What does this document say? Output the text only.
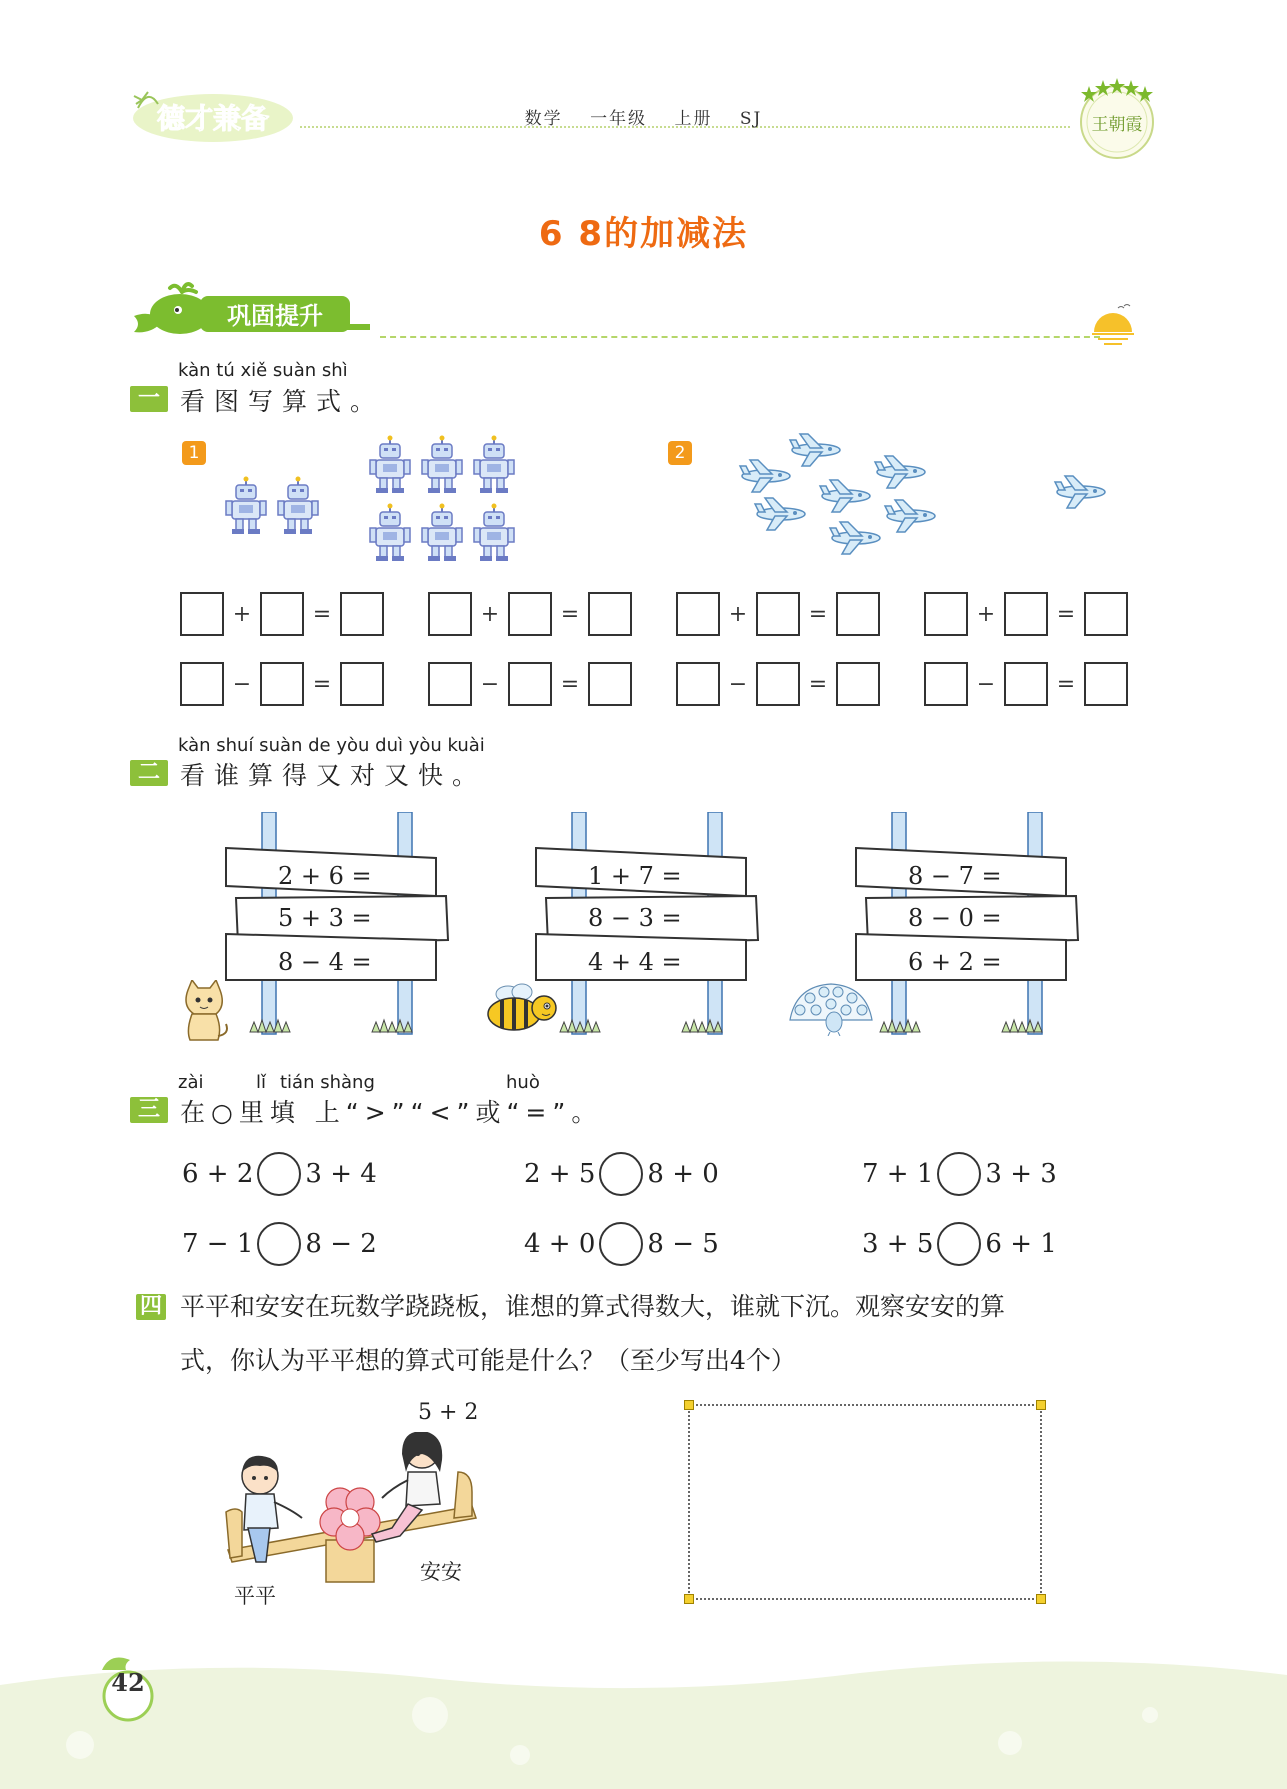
德才兼备	数学 一年级 上册 SJ	王朝霞
6 8的加减法
巩固提升
kàn tú xiě suàn shì
一 看图写算式。
1	2
+	=	+	=	+	=	+	=
−	=	−	=	−	=	−	=
kàn shuí suàn de yòu duì yòu kuài
二 看谁算得又对又快。
2 + 6 =
5 + 3 =
8 − 4 =
1 + 7 =
8 − 3 =
4 + 4 =
8 − 7 =
8 − 0 =
6 + 2 =
zài	lǐ tián shàng	huò
三 在○里填 上“>”“<”或“=”。
6 + 2 3 + 4	2 + 5 8 + 0	7 + 1 3 + 3
7 − 1 8 − 2	4 + 0 8 − 5	3 + 5 6 + 1
四 平平和安安在玩数学跷跷板，谁想的算式得数大，谁就下沉。观察安安的算
式，你认为平平想的算式可能是什么？（至少写出4个）
5 + 2
平平
安安
42
